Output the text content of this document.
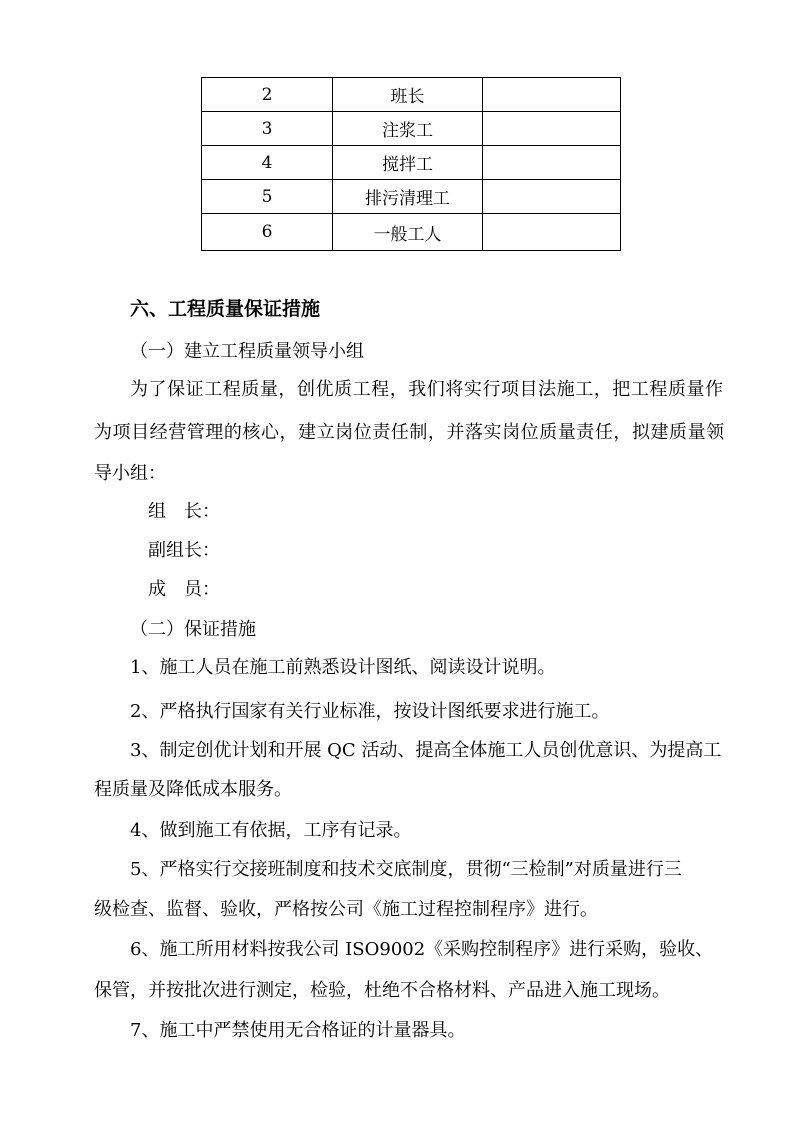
2	班长	
3	注浆工	
4	搅拌工	
5	排污清理工	
6	一般工人	

六、工程质量保证措施

（一）建立工程质量领导小组

为了保证工程质量，创优质工程，我们将实行项目法施工，把工程质量作

为项目经营管理的核心，建立岗位责任制，并落实岗位质量责任，拟建质量领

导小组：

组　长：

副组长：

成　员：

（二）保证措施

1、施工人员在施工前熟悉设计图纸、阅读设计说明。

2、严格执行国家有关行业标准，按设计图纸要求进行施工。

3、制定创优计划和开展 QC 活动、提高全体施工人员创优意识、为提高工

程质量及降低成本服务。

4、做到施工有依据，工序有记录。

5、严格实行交接班制度和技术交底制度，贯彻“三检制”对质量进行三

级检查、监督、验收，严格按公司《施工过程控制程序》进行。

6、施工所用材料按我公司 ISO9002《采购控制程序》进行采购，验收、

保管，并按批次进行测定，检验，杜绝不合格材料、产品进入施工现场。

7、施工中严禁使用无合格证的计量器具。
